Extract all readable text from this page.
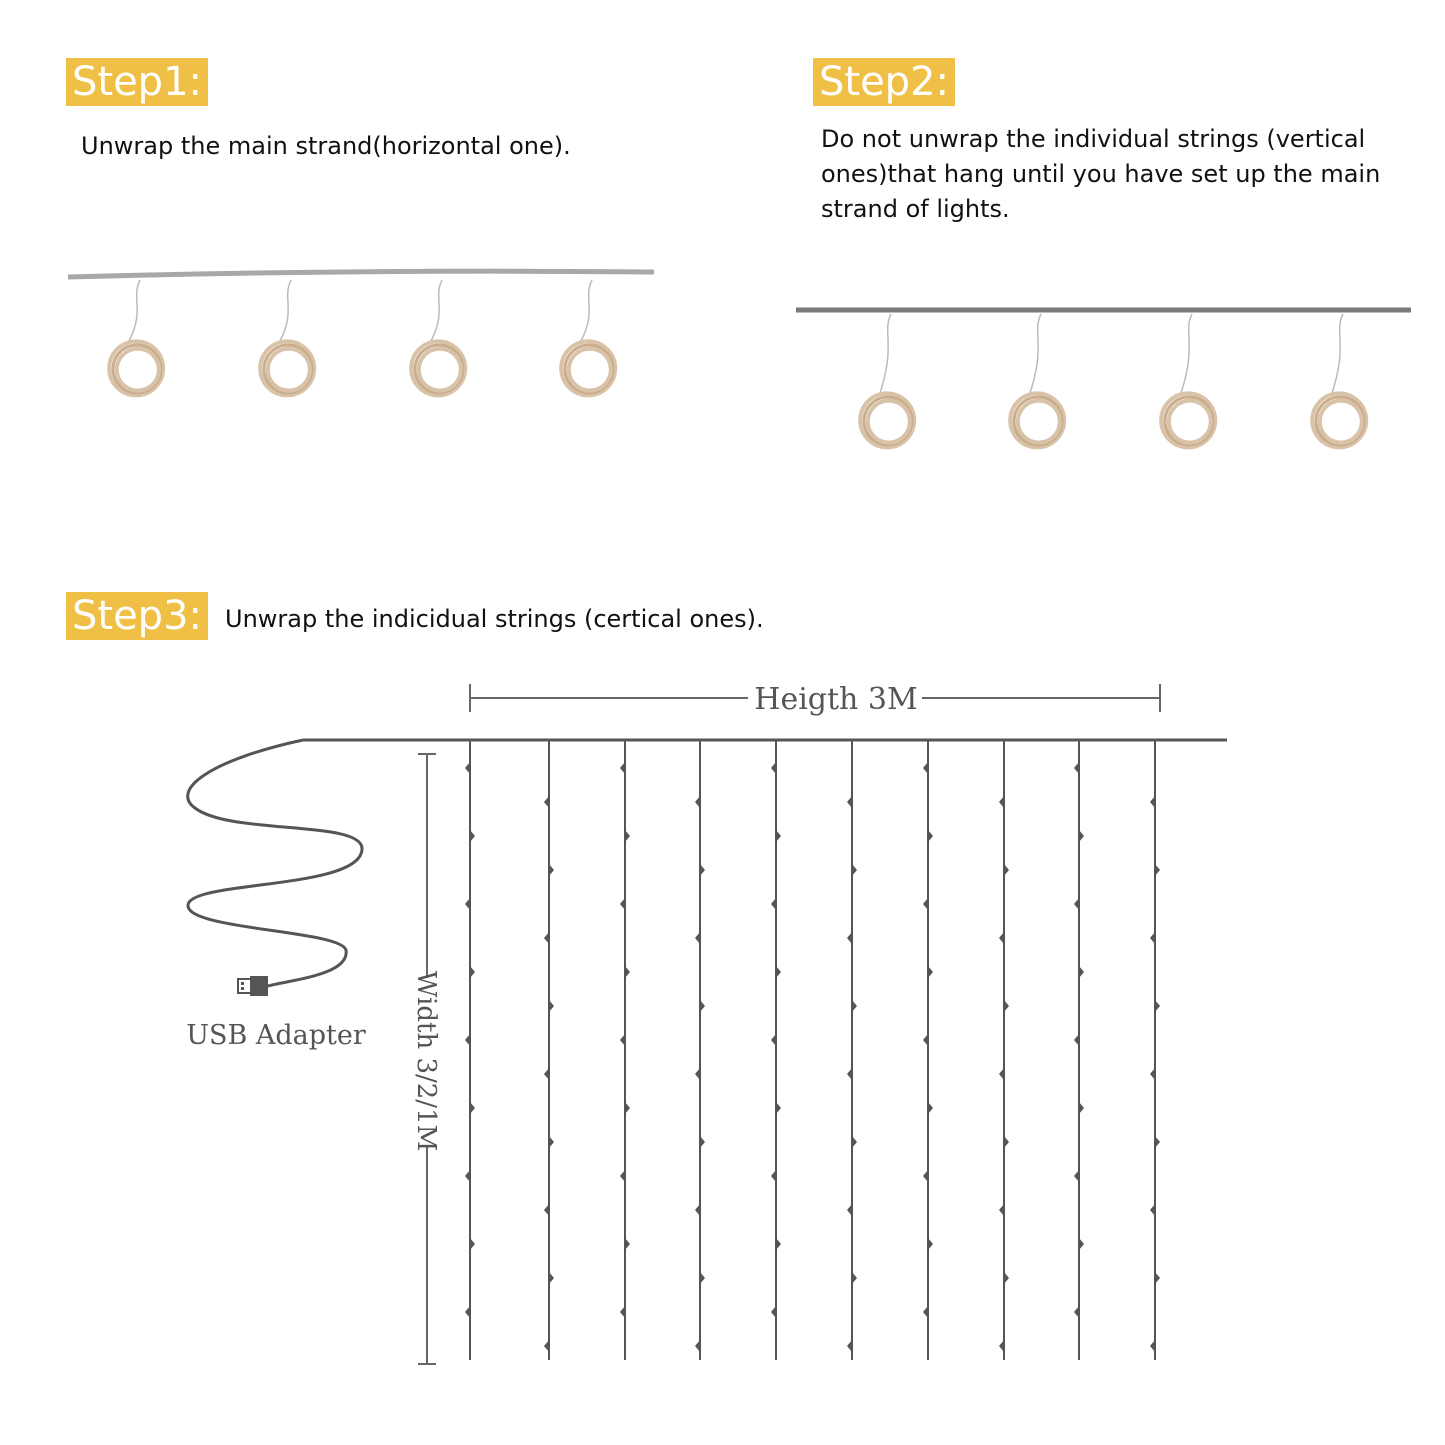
Step1:

Unwrap the main strand(horizontal one).

Step2:

Do not unwrap the individual strings (vertical ones)that hang until you have set up the main strand of lights.

Step3: Unwrap the indicidual strings (certical ones).

Heigth 3M
USB Adapter Width 3/2/1M
